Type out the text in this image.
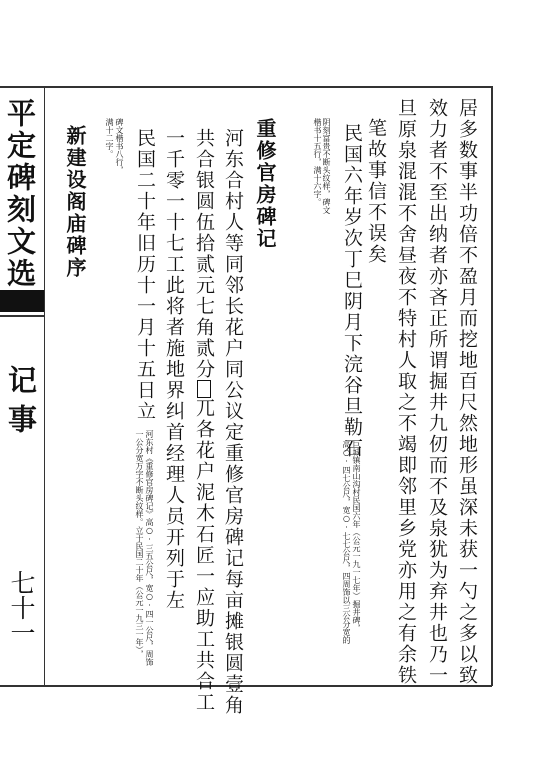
居多数事半功倍不盈月而挖地百尺然地形虽深未获一勺之多以致
效力者不至出纳者亦吝正所谓掘井九仞而不及泉犹为弃井也乃一
旦原泉混混不舍昼夜不特村人取之不竭即邻里乡党亦用之有余铁
笔故事信不误矣
民国六年岁次丁巳阴月下浣谷旦勒石
巨城镇南山沟村民国六年（公元一九一七年）掘井碑，
高○·四七公尺，宽○·七七公尺，四周饰以三公分宽的
阴刻富贵不断头纹样，碑文
楷书十五行，满十六字。
重修官房碑记
河东合村人等同邻长花户同公议定重修官房碑记每亩摊银圆壹角
共合银圆伍拾贰元七角贰分兀各花户泥木石匠一应助工共合工
一千零一十七工此将者施地界纠首经理人员开列于左
民国二十年旧历十一月十五日立
河东村《重修官房碑记》高○·三五公尺，宽○·四一公尺，周饰
一公分宽万字不断头纹样。立于民国二十年（公元一九三一年），
碑文楷书八行，
满十二字。
新建设阁庙碑序
平定碑刻文选
记事
七十一
